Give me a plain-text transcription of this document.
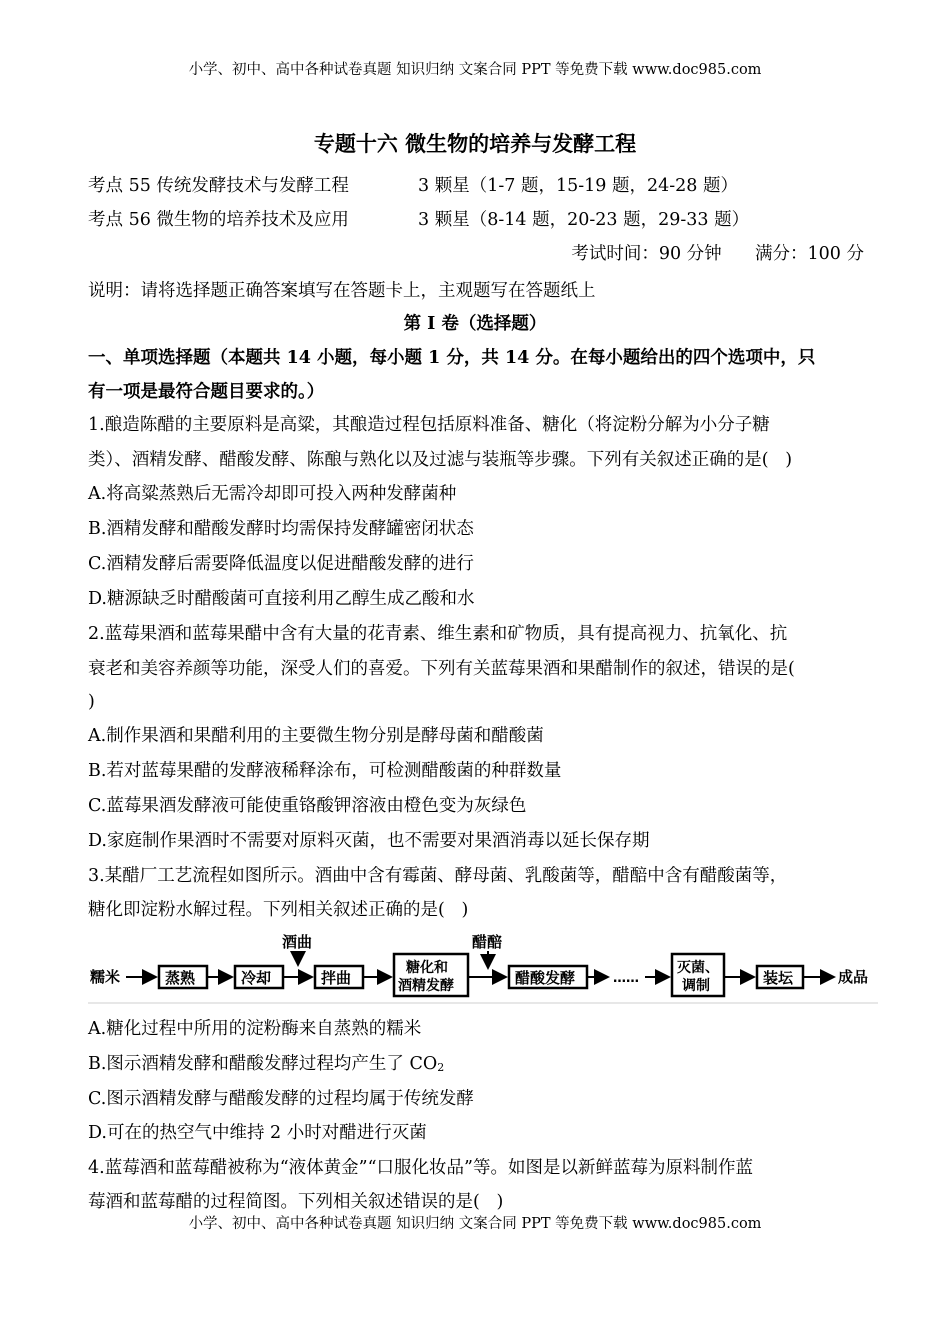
小学、初中、高中各种试卷真题 知识归纳 文案合同 PPT 等免费下载 www.doc985.com
专题十六 微生物的培养与发酵工程
考点 55 传统发酵技术与发酵工程	3 颗星（1-7 题，15-19 题，24-28 题）
考点 56 微生物的培养技术及应用	3 颗星（8-14 题，20-23 题，29-33 题）
考试时间：90 分钟      满分：100 分
说明：请将选择题正确答案填写在答题卡上，主观题写在答题纸上
第 I 卷（选择题）
一、单项选择题（本题共 14 小题，每小题 1 分，共 14 分。在每小题给出的四个选项中，只
有一项是最符合题目要求的。）
1.酿造陈醋的主要原料是高粱，其酿造过程包括原料准备、糖化（将淀粉分解为小分子糖
类）、酒精发酵、醋酸发酵、陈酿与熟化以及过滤与装瓶等步骤。下列有关叙述正确的是(   )
A.将高粱蒸熟后无需冷却即可投入两种发酵菌种
B.酒精发酵和醋酸发酵时均需保持发酵罐密闭状态
C.酒精发酵后需要降低温度以促进醋酸发酵的进行
D.糖源缺乏时醋酸菌可直接利用乙醇生成乙酸和水
2.蓝莓果酒和蓝莓果醋中含有大量的花青素、维生素和矿物质，具有提高视力、抗氧化、抗
衰老和美容养颜等功能，深受人们的喜爱。下列有关蓝莓果酒和果醋制作的叙述，错误的是(
)
A.制作果酒和果醋利用的主要微生物分别是酵母菌和醋酸菌
B.若对蓝莓果醋的发酵液稀释涂布，可检测醋酸菌的种群数量
C.蓝莓果酒发酵液可能使重铬酸钾溶液由橙色变为灰绿色
D.家庭制作果酒时不需要对原料灭菌，也不需要对果酒消毒以延长保存期
3.某醋厂工艺流程如图所示。酒曲中含有霉菌、酵母菌、乳酸菌等，醋醅中含有醋酸菌等，
糖化即淀粉水解过程。下列相关叙述正确的是(   )
糯米	蒸熟	冷却
酒曲
拌曲
糖化和
酒精发酵
醋醅
醋酸发酵	……
灭菌、
调制	装坛	成品
A.糖化过程中所用的淀粉酶来自蒸熟的糯米
B.图示酒精发酵和醋酸发酵过程均产生了 $CO_2$
C.图示酒精发酵与醋酸发酵的过程均属于传统发酵
D.可在的热空气中维持 2 小时对醋进行灭菌
4.蓝莓酒和蓝莓醋被称为“液体黄金”“口服化妆品”等。如图是以新鲜蓝莓为原料制作蓝
莓酒和蓝莓醋的过程简图。下列相关叙述错误的是(   )
小学、初中、高中各种试卷真题 知识归纳 文案合同 PPT 等免费下载 www.doc985.com
